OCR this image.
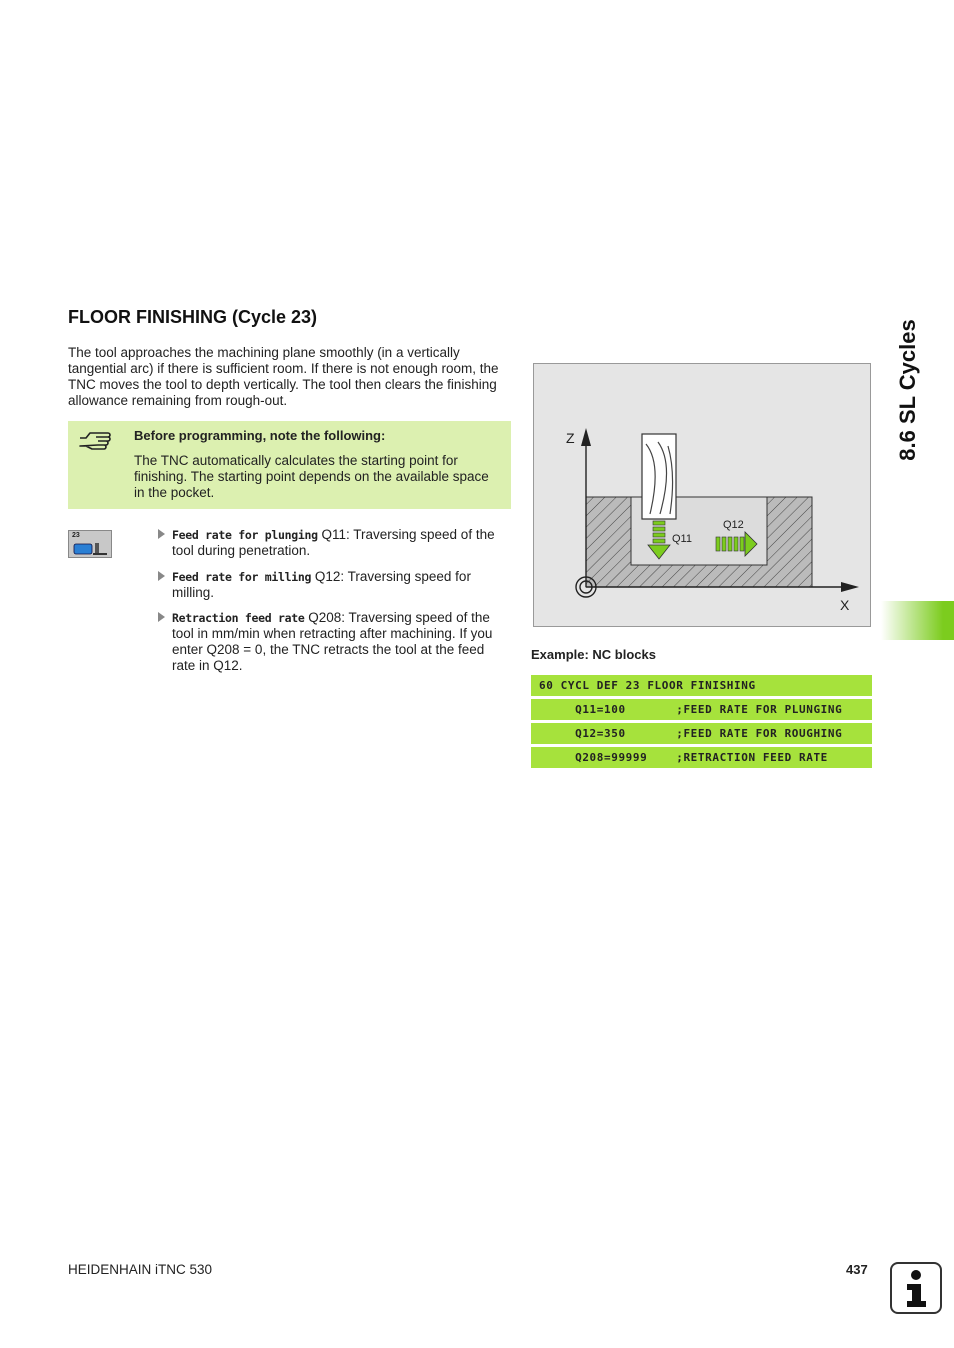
FLOOR FINISHING (Cycle 23)
The tool approaches the machining plane smoothly (in a vertically tangential arc) if there is sufficient room. If there is not enough room, the TNC moves the tool to depth vertically. The tool then clears the finishing allowance remaining from rough-out.
Before programming, note the following:
The TNC automatically calculates the starting point for finishing. The starting point depends on the available space in the pocket.
23	Feed rate for plunging Q11: Traversing speed of the tool during penetration.
Feed rate for milling Q12: Traversing speed for milling.
Retraction feed rate Q208: Traversing speed of the tool in mm/min when retracting after machining. If you enter Q208 = 0, the TNC retracts the tool at the feed rate in Q12.
Z
X
Q11
Q12
Example: NC blocks
60 CYCL DEF 23 FLOOR FINISHING
Q11=100       ;FEED RATE FOR PLUNGING
Q12=350       ;FEED RATE FOR ROUGHING
Q208=99999    ;RETRACTION FEED RATE
8.6 SL Cycles
HEIDENHAIN iTNC 530	437
